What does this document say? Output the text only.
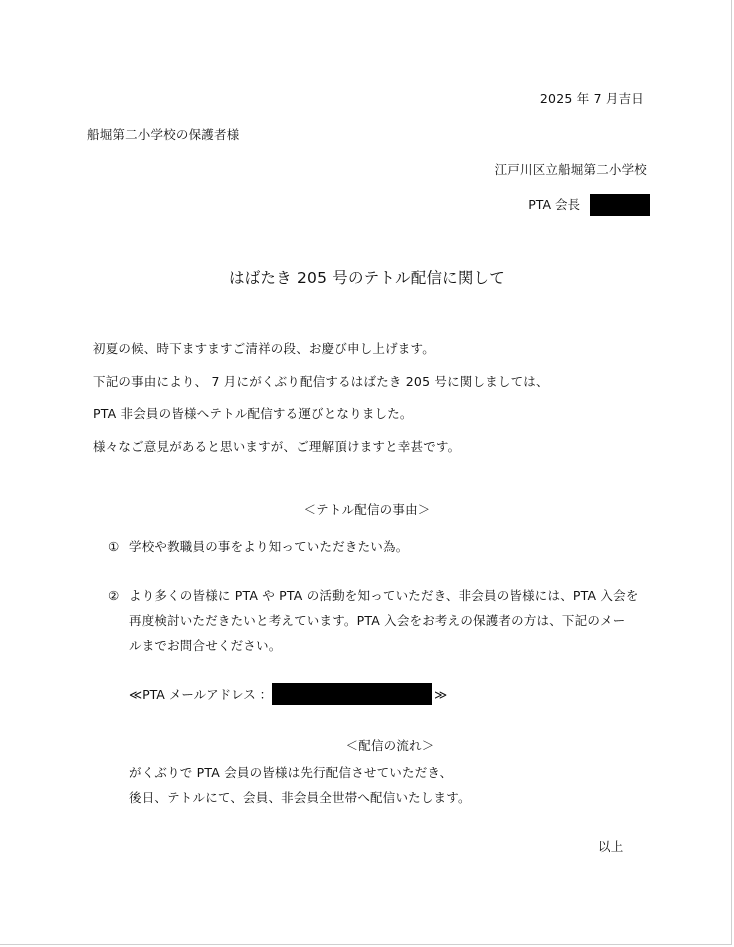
2025 年 7 月吉日
船堀第二小学校の保護者様
江戸川区立船堀第二小学校
PTA 会長
はばたき 205 号のテトル配信に関して
初夏の候、時下ますますご清祥の段、お慶び申し上げます。
下記の事由により、 7 月にがくぶり配信するはばたき 205 号に関しましては、
PTA 非会員の皆様へテトル配信する運びとなりました。
様々なご意見があると思いますが、ご理解頂けますと幸甚です。
＜テトル配信の事由＞
① 学校や教職員の事をより知っていただきたい為。
② より多くの皆様に PTA や PTA の活動を知っていただき、非会員の皆様には、PTA 入会を
再度検討いただきたいと考えています。PTA 入会をお考えの保護者の方は、下記のメー
ルまでお問合せください。
≪PTA メールアドレス ：	≫
＜配信の流れ＞
がくぶりで PTA 会員の皆様は先行配信させていただき、
後日、テトルにて、会員、非会員全世帯へ配信いたします。
以上
